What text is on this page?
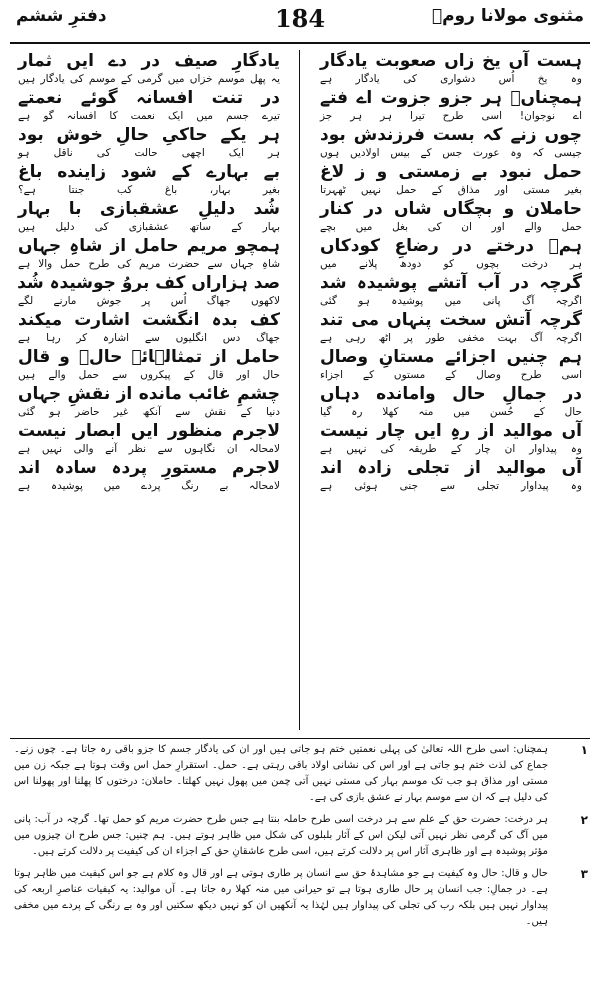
مثنوی مولانا رومؒ
184
دفترِ ششم
ہست آں یخ زاں صعوبت یادگار
وہ یخ اُس دشواری کی یادگار ہے
ہمچناںؔ ہر جزو جزوت اے فتے
اے نوجوان! اسی طرح تیرا ہر ہر جز
چوں زنے کہ بست فرزندش بود
جیسی کہ وہ عورت جس کے بیس اولادیں ہوں
حمل نبود بے زمستی و ز لاغ
بغیر مستی اور مذاق کے حمل نہیں ٹھہرتا
حاملان و بچگاں شاں در کنار
حمل والے اور ان کی بغل میں بچے
ہمؔ درختے در رضاعِ کودکاں
ہر درخت بچوں کو دودھ پلانے میں
گرچہ در آب آتشے پوشیدہ شد
اگرچہ آگ پانی میں پوشیدہ ہو گئی
گرچہ آتش سخت پنہاں می تند
اگرچہ آگ بہت مخفی طور پر اٹھ رہی ہے
ہم چنیں اجزائے مستانِ وصال
اسی طرح وصال کے مستوں کے اجزاء
در جمالِ حال وامانده دہاں
حال کے حُسن میں منہ کھلا رہ گیا
آں موالید از رہِ ایں چار نیست
وہ پیداوار ان چار کے طریقہ کی نہیں ہے
آں موالید از تجلی زادہ اند
وہ پیداوار تجلی سے جنی ہوئی ہے
یادگارِ صیف در دے ایں ثمار
یہ پھل موسم خزاں میں گرمی کے موسم کی یادگار ہیں
در تنت افسانہ گوئے نعمتے
تیرے جسم میں ایک نعمت کا افسانہ گو ہے
ہر یکے حاکیِ حالِ خوش بود
ہر ایک اچھی حالت کی ناقل ہو
بے بہارے کے شود زاینده باغ
بغیر بہار، باغ کب جنتا ہے؟
شُد دلیلِ عشقبازی با بہار
بہار کے ساتھ عشقبازی کی دلیل ہیں
ہمچو مریم حامل از شاہِ جہاں
شاہِ جہاں سے حضرت مریم کی طرح حمل والا ہے
صد ہزاراں کف بروُ جوشیدہ شُد
لاکھوں جھاگ اُس پر جوش مارنے لگے
کف بدہ انگشت اشارت میکند
جھاگ دس انگلیوں سے اشارہ کر رہا ہے
حامل از تمثالہائے حالؔ و قال
حال اور قال کے پیکروں سے حمل والے ہیں
چشمِ غائب مانده از نقشِ جہاں
دنیا کے نقش سے آنکھ غیر حاضر ہو گئی
لاجرم منظور ایں ابصار نیست
لامحالہ ان نگاہوں سے نظر آنے والی نہیں ہے
لاجرم مستورِ پردہ سادہ اند
لامحالہ بے رنگ پردے میں پوشیدہ ہے
۱
ہمچناں: اسی طرح اللہ تعالیٰ کی پہلی نعمتیں ختم ہو جاتی ہیں اور ان کی یادگار جسم کا جزو باقی رہ جاتا ہے۔ چوں زنے۔ جماع کی لذت ختم ہو جاتی ہے اور اس کی نشانی اولاد باقی رہتی ہے۔ حمل۔ استقرارِ حمل اس وقت ہوتا ہے جبکہ زن میں مستی اور مذاق ہو جب تک موسم بہار کی مستی نہیں آتی چمن میں پھول نہیں کھلتا۔ حاملان: درختوں کا پھلنا اور پھولنا اس کی دلیل ہے کہ ان سے موسم بہار نے عشق بازی کی ہے۔
۲
ہر درخت: حضرت حق کے علم سے ہر درخت اسی طرح حاملہ بنتا ہے جس طرح حضرت مریم کو حمل تھا۔ گرچہ در آب: پانی میں آگ کی گرمی نظر نہیں آتی لیکن اس کے آثار بلبلوں کی شکل میں ظاہر ہوتے ہیں۔ ہم چنیں: جس طرح ان چیزوں میں مؤثر پوشیدہ ہے اور ظاہری آثار اس پر دلالت کرتے ہیں، اسی طرح عاشقانِ حق کے اجزاء ان کی کیفیت پر دلالت کرتے ہیں۔
۳
حال و قال: حال وہ کیفیت ہے جو مشاہدۂ حق سے انسان پر طاری ہوتی ہے اور قال وہ کلام ہے جو اس کیفیت میں ظاہر ہوتا ہے۔ در جمالِ: جب انسان پر حال طاری ہوتا ہے تو حیرانی میں منہ کھلا رہ جاتا ہے۔ آں موالید: یہ کیفیات عناصرِ اربعہ کی پیداوار نہیں ہیں بلکہ رب کی تجلی کی پیداوار ہیں لہٰذا یہ آنکھیں ان کو نہیں دیکھ سکتیں اور وہ بے رنگی کے پردے میں مخفی ہیں۔
